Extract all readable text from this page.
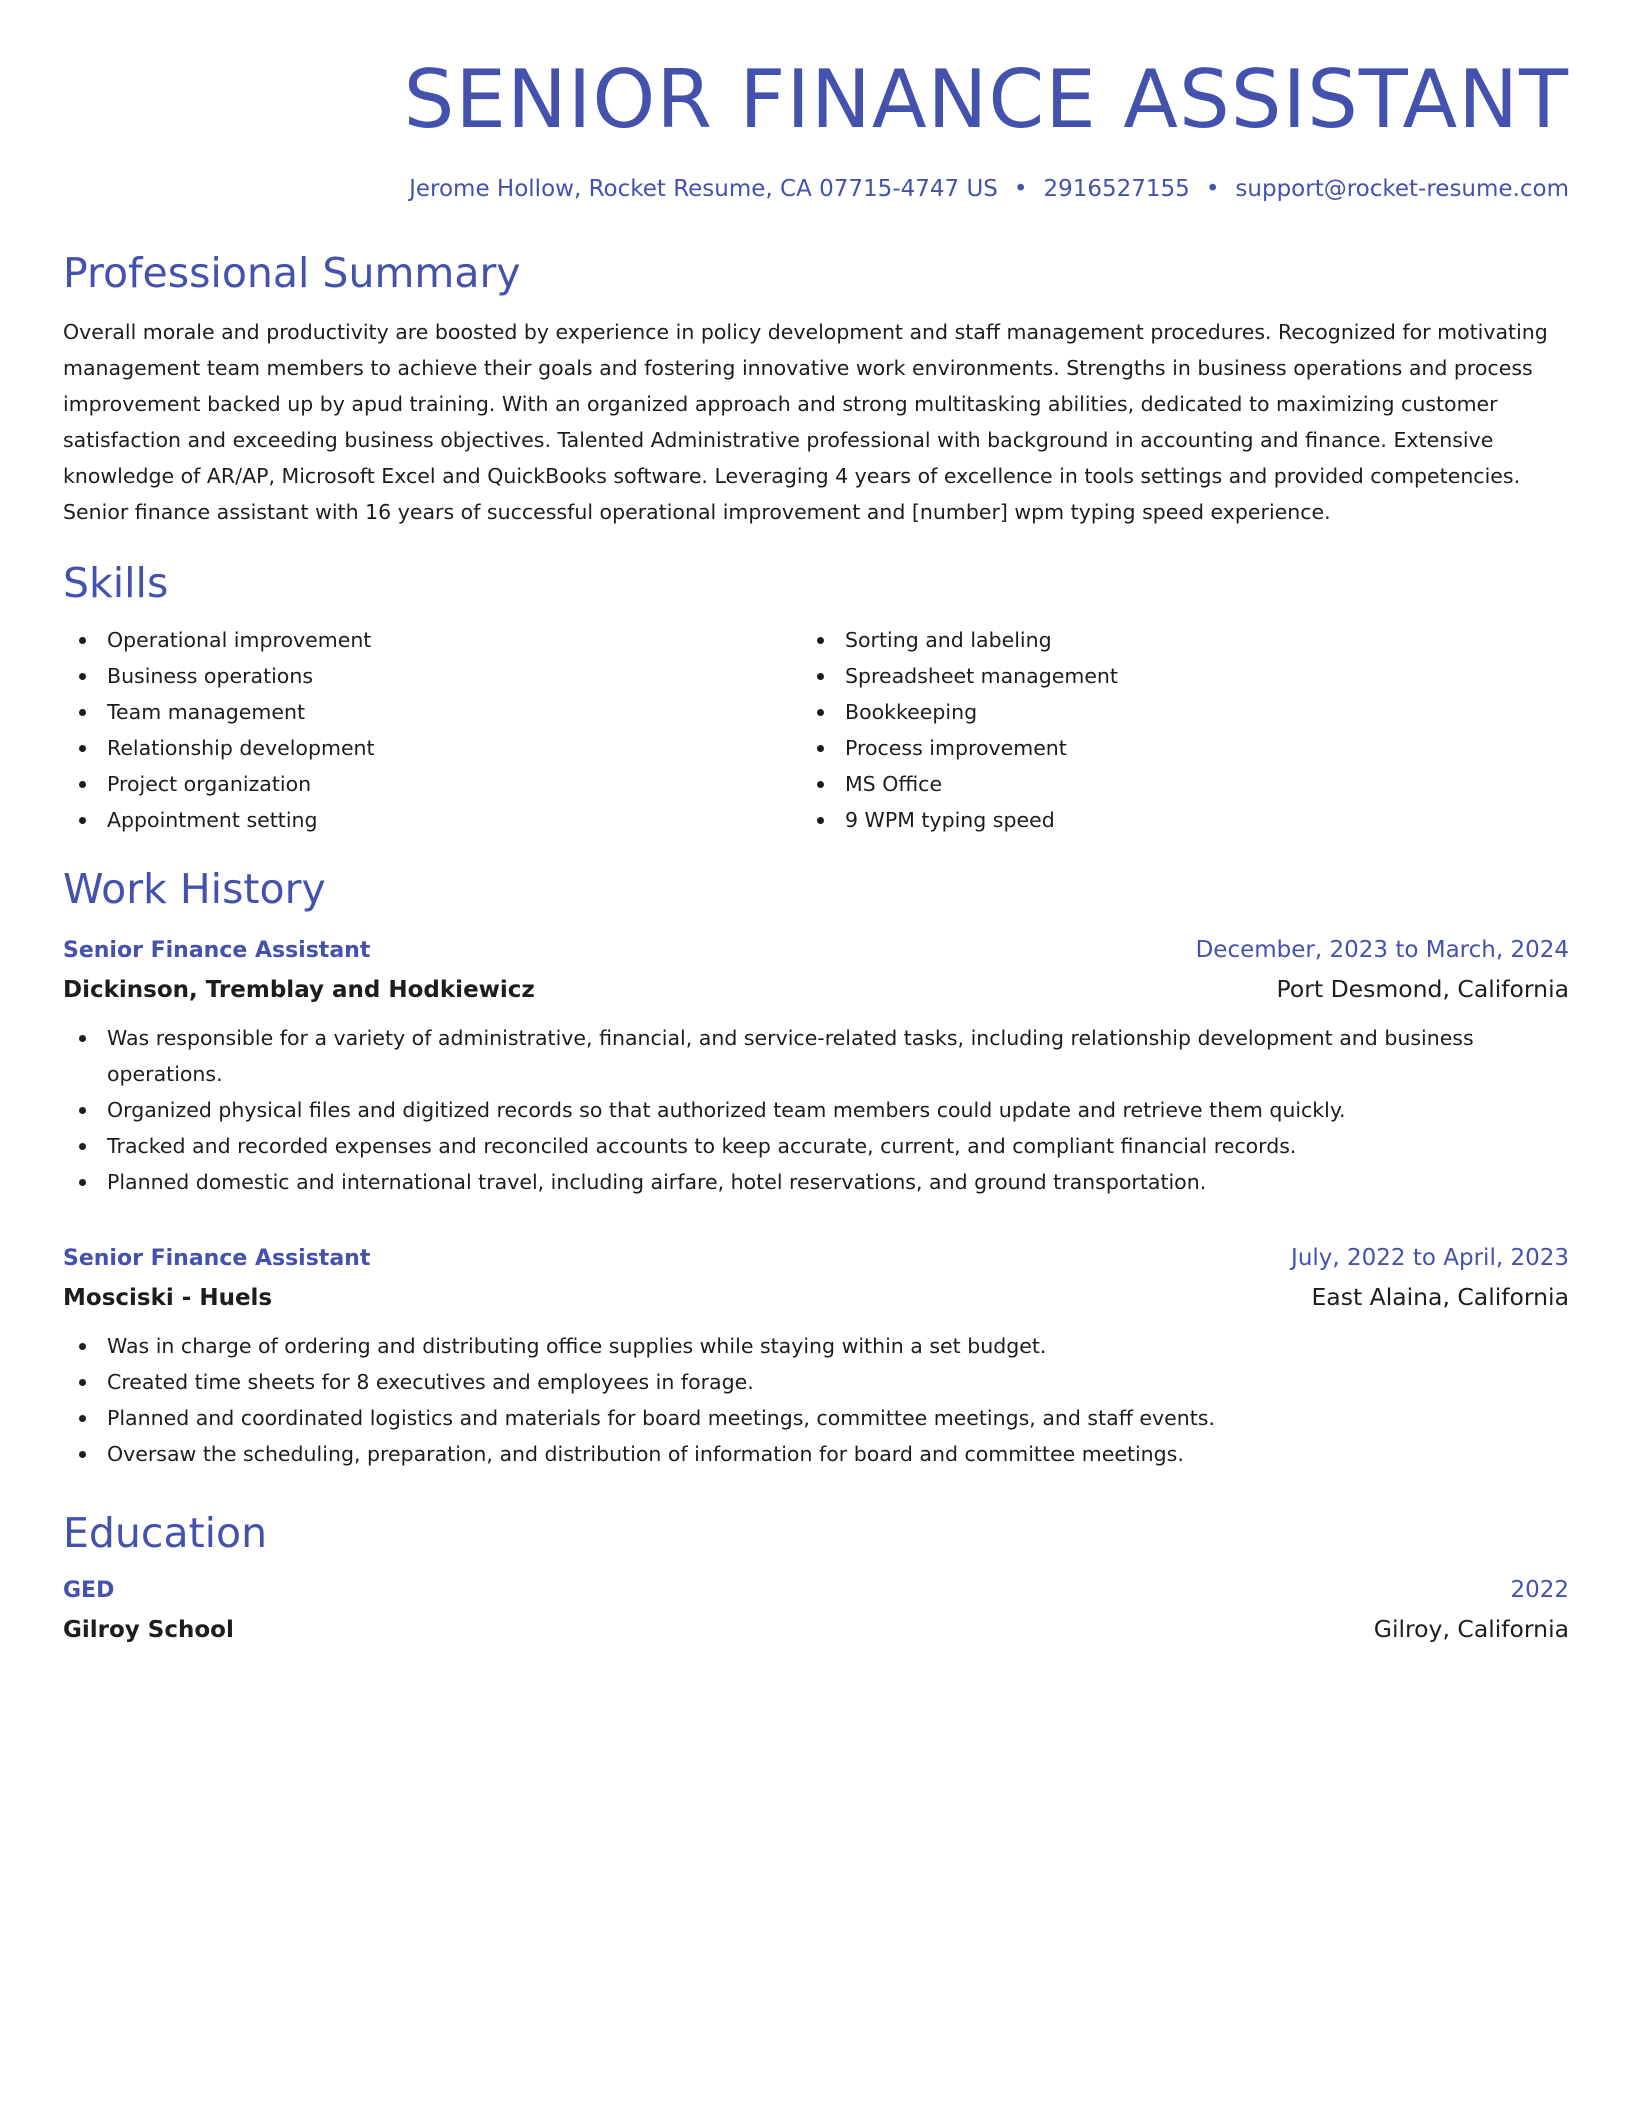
SENIOR FINANCE ASSISTANT
Jerome Hollow, Rocket Resume, CA 07715-4747 US • 2916527155 • support@rocket-resume.com
Professional Summary

Overall morale and productivity are boosted by experience in policy development and staff management procedures. Recognized for motivating management team members to achieve their goals and fostering innovative work environments. Strengths in business operations and process improvement backed up by apud training. With an organized approach and strong multitasking abilities, dedicated to maximizing customer satisfaction and exceeding business objectives. Talented Administrative professional with background in accounting and finance. Extensive knowledge of AR/AP, Microsoft Excel and QuickBooks software. Leveraging 4 years of excellence in tools settings and provided competencies. Senior finance assistant with 16 years of successful operational improvement and [number] wpm typing speed experience.

Skills
Operational improvement
Business operations
Team management
Relationship development
Project organization
Appointment setting
Sorting and labeling
Spreadsheet management
Bookkeeping
Process improvement
MS Office
9 WPM typing speed
Work History
Senior Finance Assistant	December, 2023 to March, 2024
Dickinson, Tremblay and Hodkiewicz	Port Desmond, California
Was responsible for a variety of administrative, financial, and service-related tasks, including relationship development and business operations.
Organized physical files and digitized records so that authorized team members could update and retrieve them quickly.
Tracked and recorded expenses and reconciled accounts to keep accurate, current, and compliant financial records.
Planned domestic and international travel, including airfare, hotel reservations, and ground transportation.
Senior Finance Assistant	July, 2022 to April, 2023
Mosciski - Huels	East Alaina, California
Was in charge of ordering and distributing office supplies while staying within a set budget.
Created time sheets for 8 executives and employees in forage.
Planned and coordinated logistics and materials for board meetings, committee meetings, and staff events.
Oversaw the scheduling, preparation, and distribution of information for board and committee meetings.
Education
GED	2022
Gilroy School	Gilroy, California
